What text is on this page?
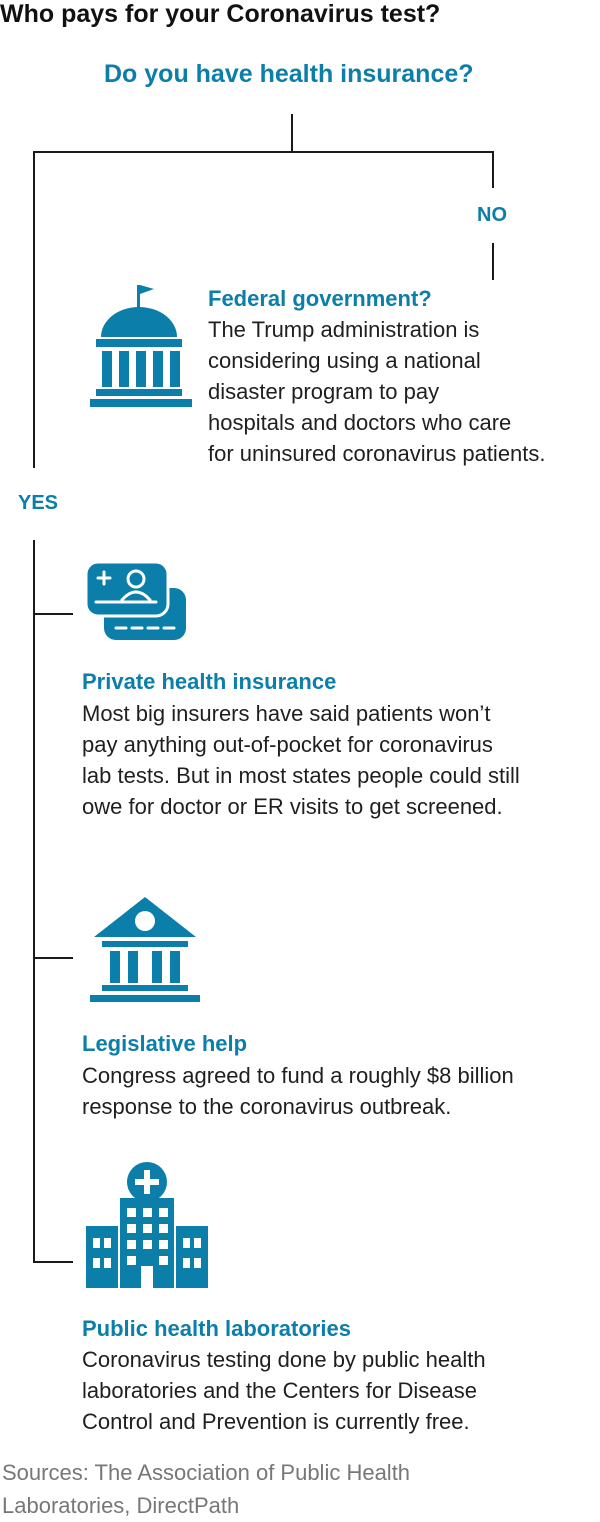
Who pays for your Coronavirus test?
Do you have health insurance?
NO
YES
Federal government?
The Trump administration is
considering using a national
disaster program to pay
hospitals and doctors who care
for uninsured coronavirus patients.
Private health insurance
Most big insurers have said patients won’t
pay anything out-of-pocket for coronavirus
lab tests. But in most states people could still
owe for doctor or ER visits to get screened.
Legislative help
Congress agreed to fund a roughly $8 billion
response to the coronavirus outbreak.
Public health laboratories
Coronavirus testing done by public health
laboratories and the Centers for Disease
Control and Prevention is currently free.
Sources: The Association of Public Health
Laboratories, DirectPath
